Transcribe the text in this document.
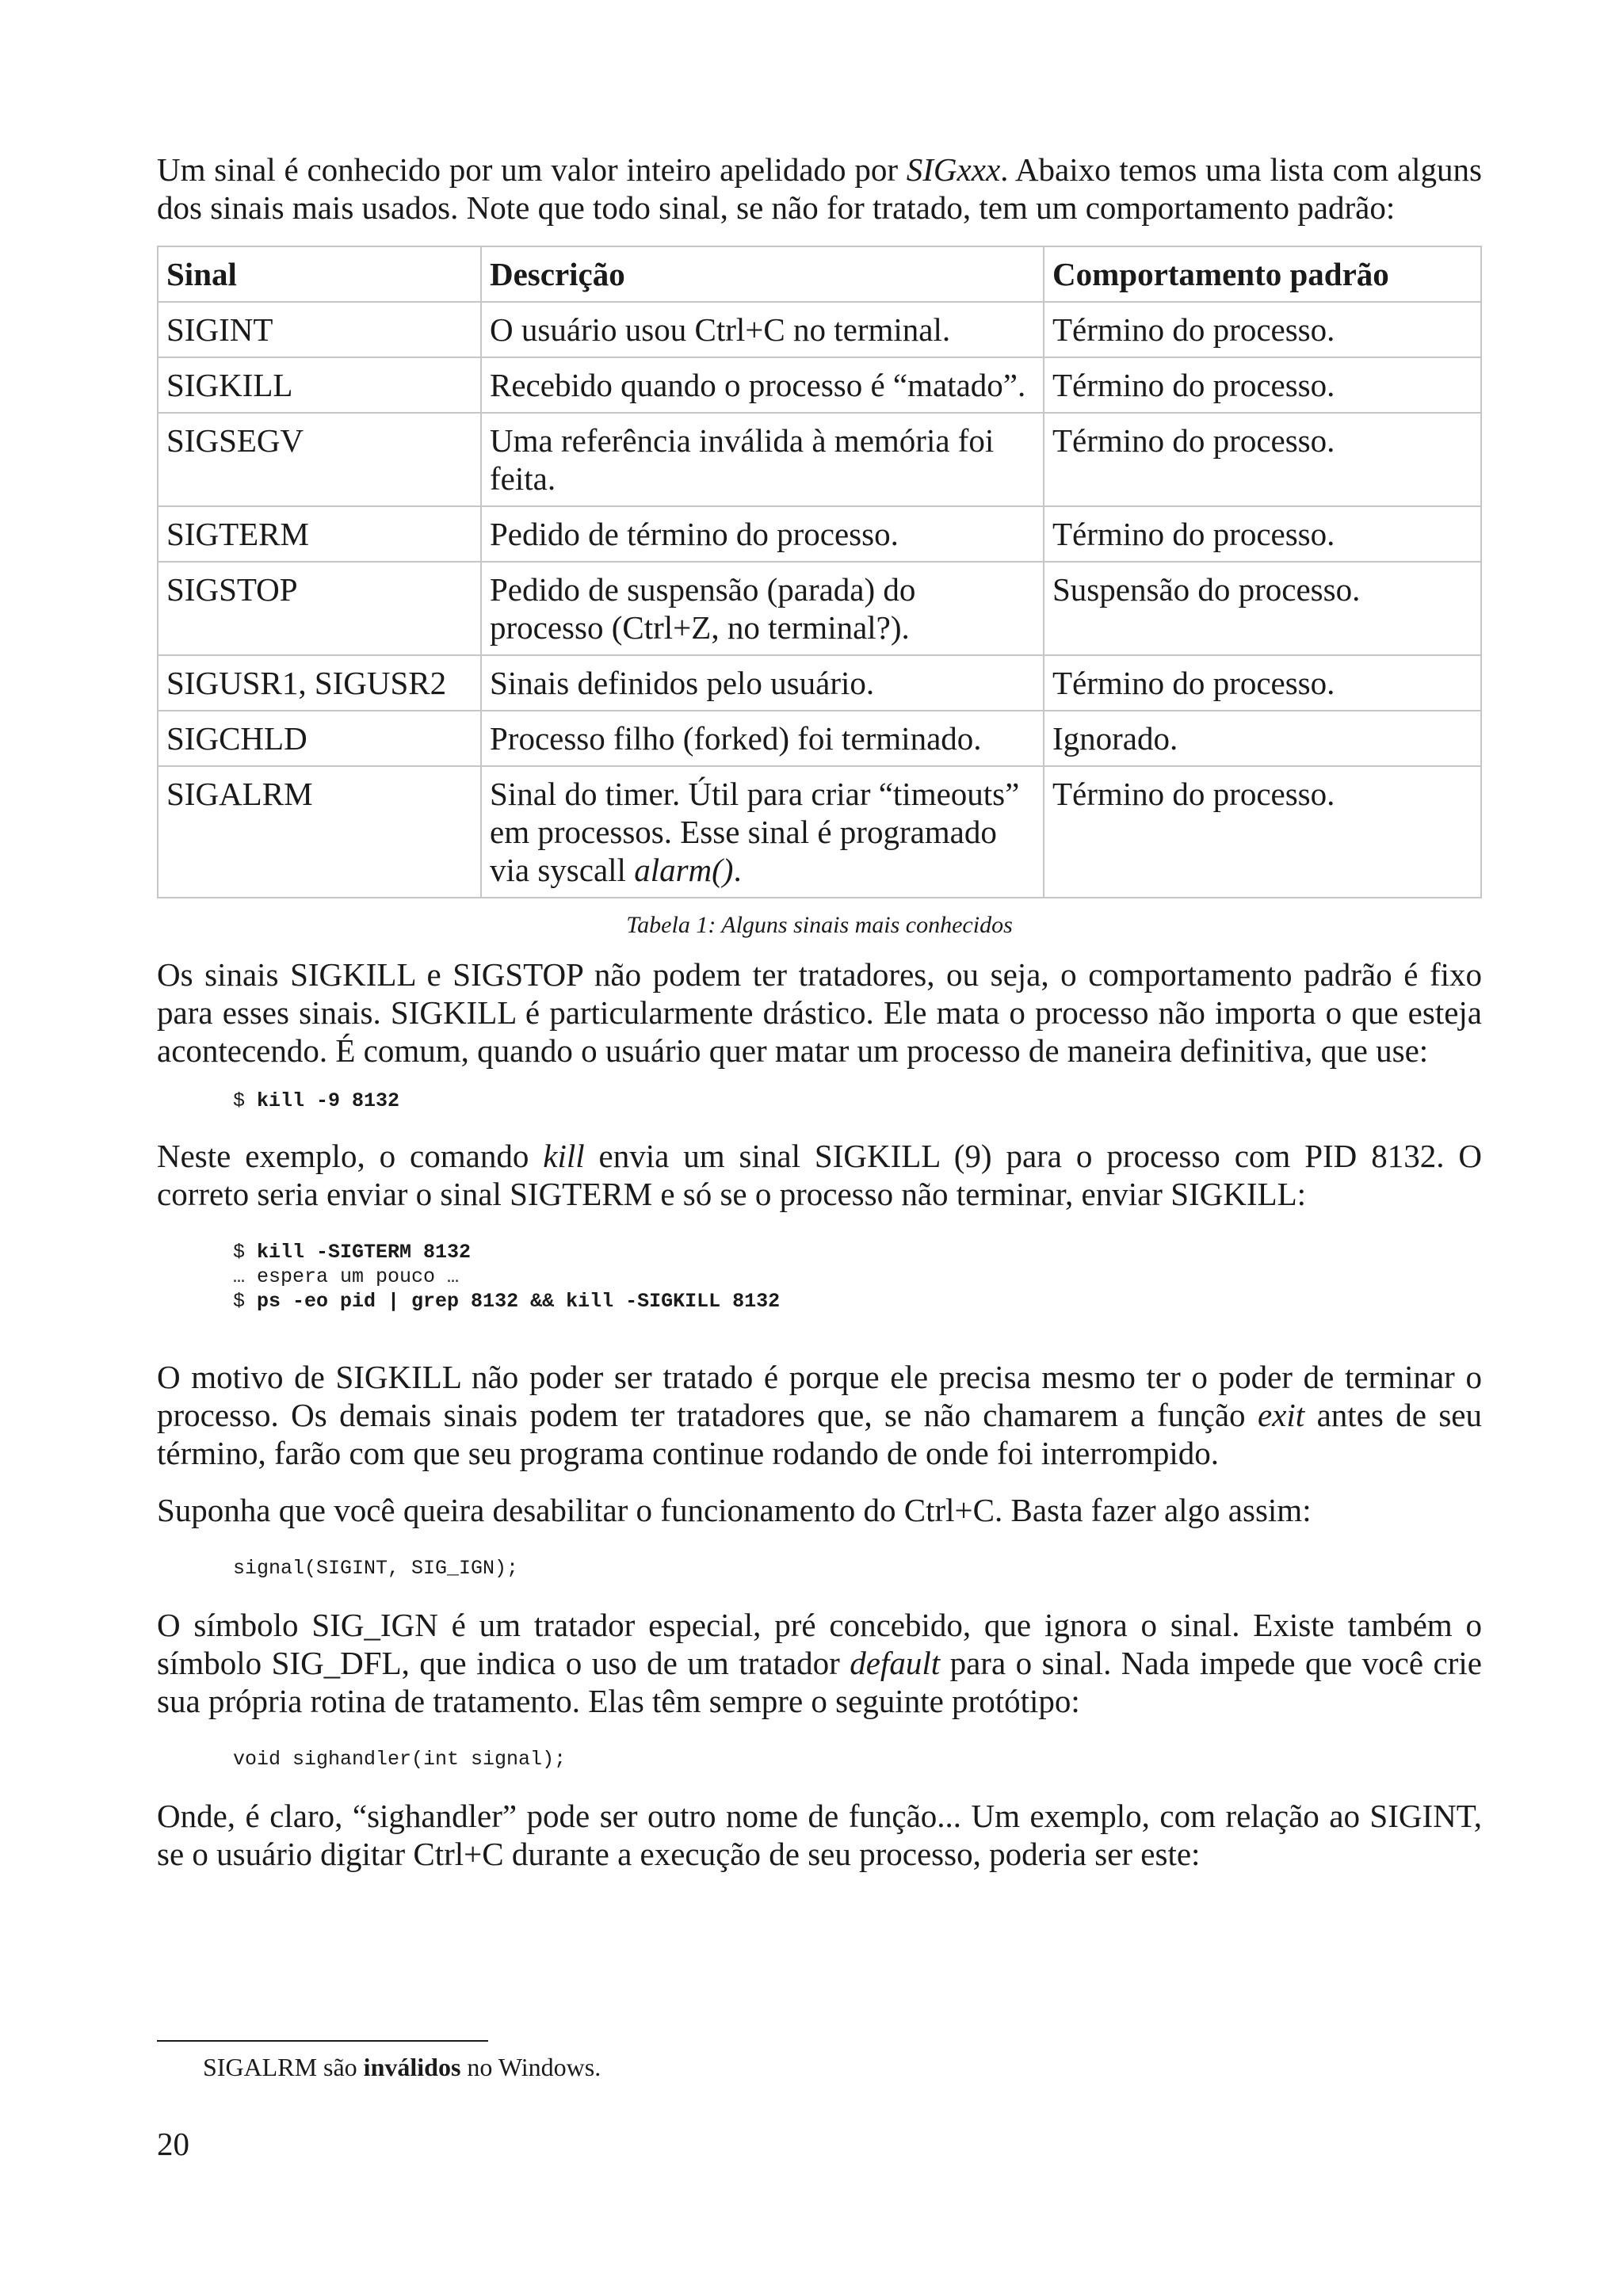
Um sinal é conhecido por um valor inteiro apelidado por SIGxxx. Abaixo temos uma lista com alguns dos sinais mais usados. Note que todo sinal, se não for tratado, tem um comportamento padrão:

Sinal	Descrição	Comportamento padrão
SIGINT	O usuário usou Ctrl+C no terminal.	Término do processo.
SIGKILL	Recebido quando o processo é “matado”.	Término do processo.
SIGSEGV	Uma referência inválida à memória foi feita.	Término do processo.
SIGTERM	Pedido de término do processo.	Término do processo.
SIGSTOP	Pedido de suspensão (parada) do processo (Ctrl+Z, no terminal?).	Suspensão do processo.
SIGUSR1, SIGUSR2	Sinais definidos pelo usuário.	Término do processo.
SIGCHLD	Processo filho (forked) foi terminado.	Ignorado.
SIGALRM	Sinal do timer. Útil para criar “timeouts” em processos. Esse sinal é programado via syscall alarm().	Término do processo.
Tabela 1: Alguns sinais mais conhecidos

Os sinais SIGKILL e SIGSTOP não podem ter tratadores, ou seja, o comportamento padrão é fixo para esses sinais. SIGKILL é particularmente drástico. Ele mata o processo não importa o que esteja acontecendo. É comum, quando o usuário quer matar um processo de maneira definitiva, que use:

$ kill -9 8132

Neste exemplo, o comando kill envia um sinal SIGKILL (9) para o processo com PID 8132. O correto seria enviar o sinal SIGTERM e só se o processo não terminar, enviar SIGKILL:

$ kill -SIGTERM 8132
… espera um pouco …
$ ps -eo pid | grep 8132 && kill -SIGKILL 8132

O motivo de SIGKILL não poder ser tratado é porque ele precisa mesmo ter o poder de terminar o processo. Os demais sinais podem ter tratadores que, se não chamarem a função exit antes de seu término, farão com que seu programa continue rodando de onde foi interrompido.

Suponha que você queira desabilitar o funcionamento do Ctrl+C. Basta fazer algo assim:

signal(SIGINT, SIG_IGN);

O símbolo SIG_IGN é um tratador especial, pré concebido, que ignora o sinal. Existe também o símbolo SIG_DFL, que indica o uso de um tratador default para o sinal. Nada impede que você crie sua própria rotina de tratamento. Elas têm sempre o seguinte protótipo:

void sighandler(int signal);

Onde, é claro, “sighandler” pode ser outro nome de função... Um exemplo, com relação ao SIGINT, se o usuário digitar Ctrl+C durante a execução de seu processo, poderia ser este:

SIGALRM são inválidos no Windows.
20
